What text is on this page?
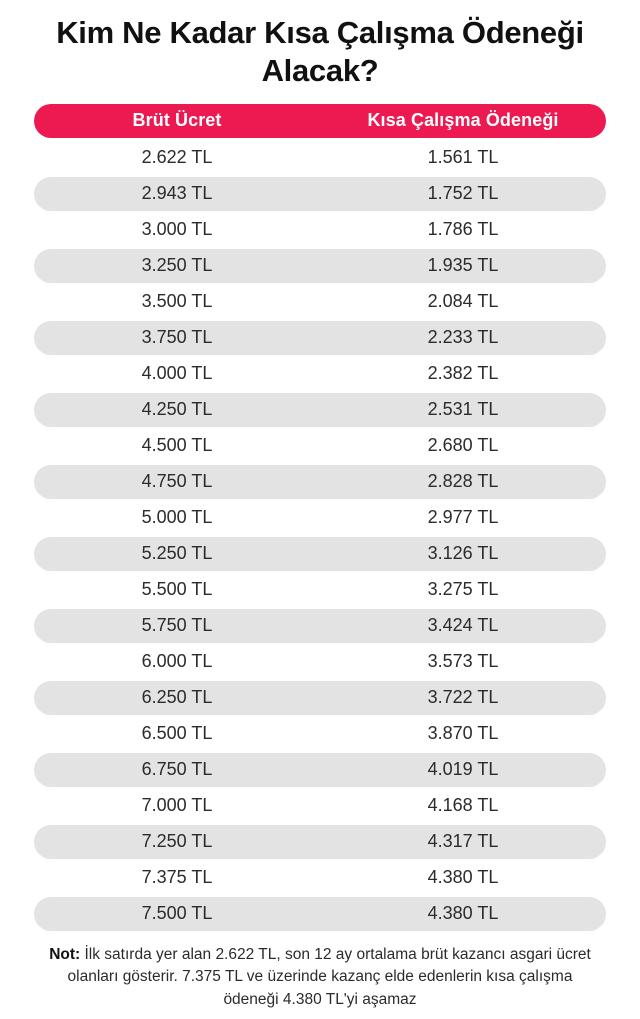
Kim Ne Kadar Kısa Çalışma Ödeneği Alacak?
Brüt Ücret	Kısa Çalışma Ödeneği
2.622 TL	1.561 TL
2.943 TL	1.752 TL
3.000 TL	1.786 TL
3.250 TL	1.935 TL
3.500 TL	2.084 TL
3.750 TL	2.233 TL
4.000 TL	2.382 TL
4.250 TL	2.531 TL
4.500 TL	2.680 TL
4.750 TL	2.828 TL
5.000 TL	2.977 TL
5.250 TL	3.126 TL
5.500 TL	3.275 TL
5.750 TL	3.424 TL
6.000 TL	3.573 TL
6.250 TL	3.722 TL
6.500 TL	3.870 TL
6.750 TL	4.019 TL
7.000 TL	4.168 TL
7.250 TL	4.317 TL
7.375 TL	4.380 TL
7.500 TL	4.380 TL
Not: İlk satırda yer alan 2.622 TL, son 12 ay ortalama brüt kazancı asgari ücret olanları gösterir. 7.375 TL ve üzerinde kazanç elde edenlerin kısa çalışma ödeneği 4.380 TL'yi aşamaz
